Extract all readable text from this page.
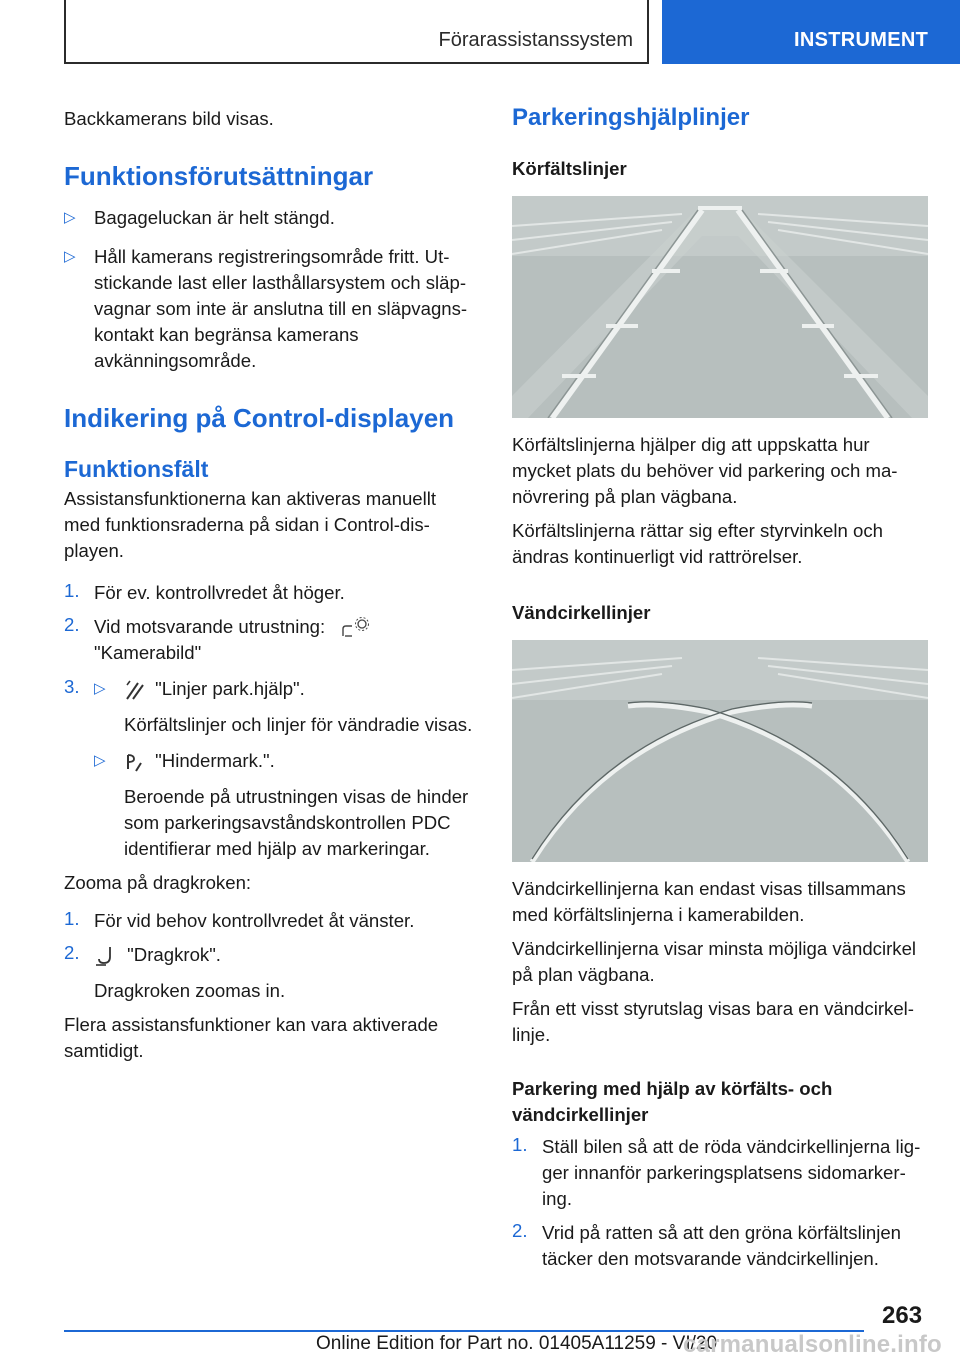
Förarassistanssystem	INSTRUMENT

Backkamerans bild visas.

Funktionsförutsättningar
▷ Bagageluckan är helt stängd.

▷ Håll kamerans registreringsområde fritt. Ut-

stickande last eller lasthållarsystem och släp-

vagnar som inte är anslutna till en släpvagns-

kontakt kan begränsa kamerans

avkänningsområde.

Indikering på Control-displayen
Funktionsfält

Assistansfunktionerna kan aktiveras manuellt

med funktionsraderna på sidan i Control-dis-

playen.

1. För ev. kontrollvredet åt höger.

2. Vid motsvarande utrustning:

"Kamerabild"

3. ▷	"Linjer park.hjälp".

Körfältslinjer och linjer för vändradie visas.

▷	"Hindermark.".

Beroende på utrustningen visas de hinder

som parkeringsavståndskontrollen PDC

identifierar med hjälp av markeringar.

Zooma på dragkroken:

1. För vid behov kontrollvredet åt vänster.

2.	"Dragkrok".

Dragkroken zoomas in.

Flera assistansfunktioner kan vara aktiverade

samtidigt.

Parkeringshjälplinjer
Körfältslinjer

Körfältslinjerna hjälper dig att uppskatta hur

mycket plats du behöver vid parkering och ma-

növrering på plan vägbana.

Körfältslinjerna rättar sig efter styrvinkeln och

ändras kontinuerligt vid rattrörelser.

Vändcirkellinjer

Vändcirkellinjerna kan endast visas tillsammans

med körfältslinjerna i kamerabilden.

Vändcirkellinjerna visar minsta möjliga vändcirkel

på plan vägbana.

Från ett visst styrutslag visas bara en vändcirkel-

linje.

Parkering med hjälp av körfälts- och
vändcirkellinjer
1. Ställ bilen så att de röda vändcirkellinjerna lig-

ger innanför parkeringsplatsens sidomarker-

ing.

2. Vrid på ratten så att den gröna körfältslinjen

täcker den motsvarande vändcirkellinjen.

263
Online Edition for Part no. 01405A11259 - VI/20
carmanualsonline.info
